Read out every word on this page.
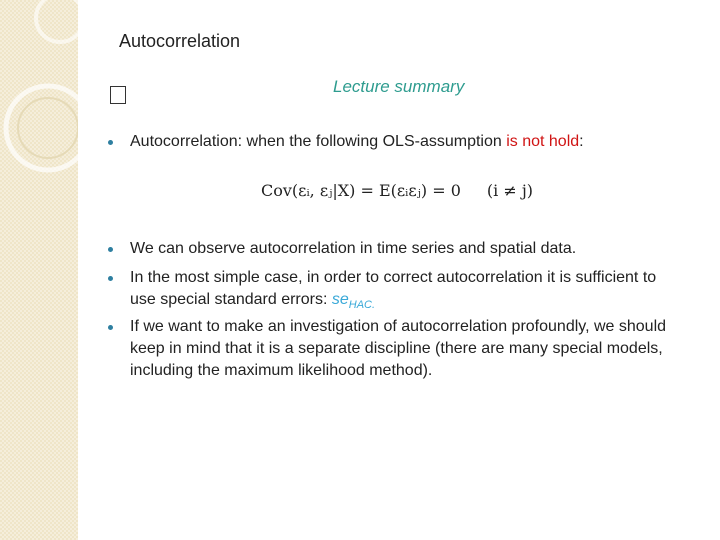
Autocorrelation
Lecture summary
Autocorrelation: when the following OLS-assumption is not hold:
We can observe autocorrelation in time series and spatial data.
In the most simple case, in order to correct autocorrelation it is sufficient to use special standard errors: $se_{HAC.}$
If we want to make an investigation of autocorrelation profoundly, we should keep in mind that it is a separate discipline (there are many special models, including the maximum likelihood method).
Cov(εᵢ, εⱼ|X) = E(εᵢεⱼ) = 0 (i ≠ j)
